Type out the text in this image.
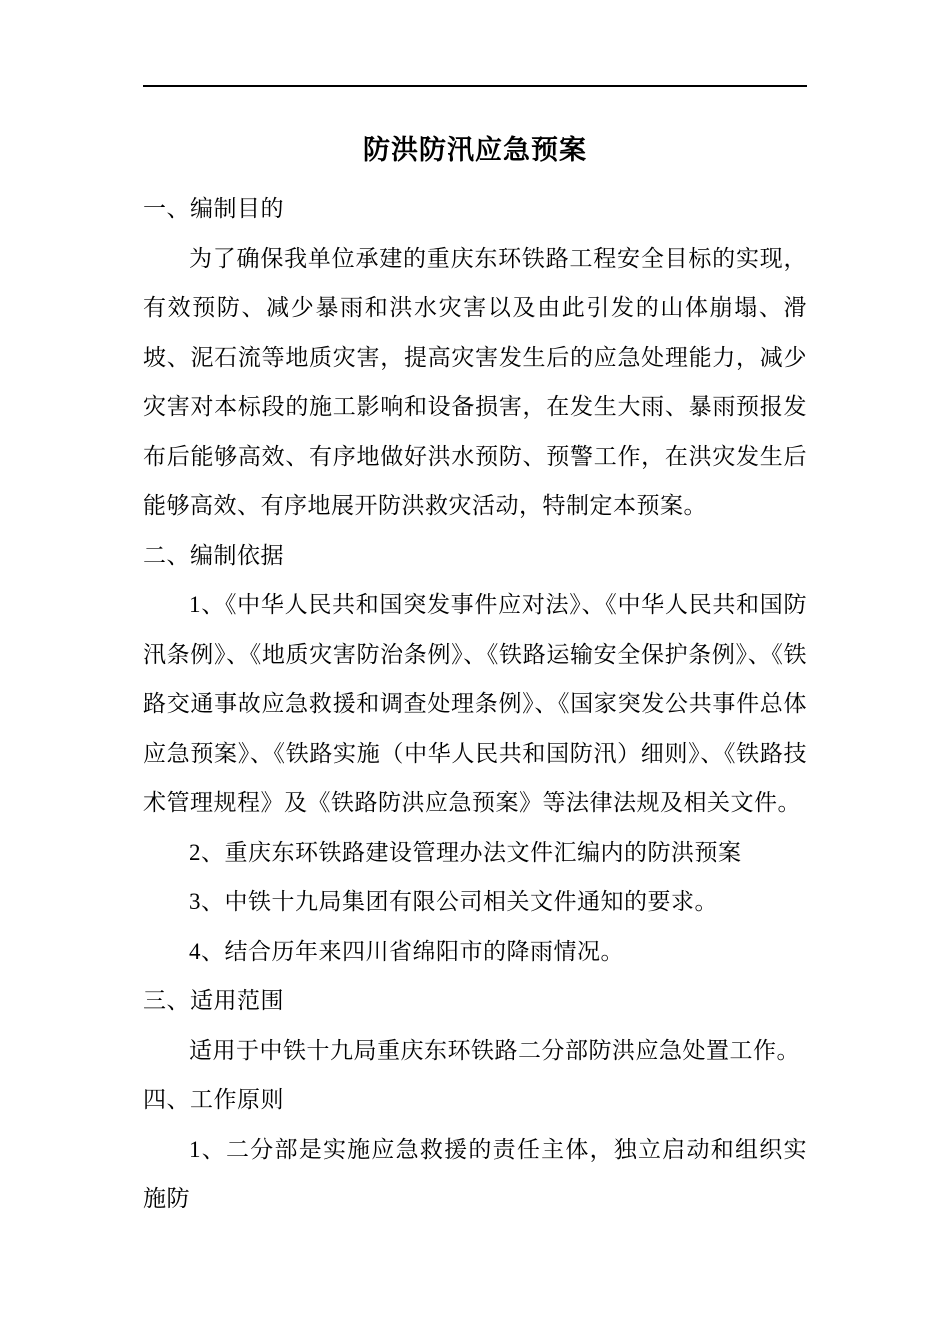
防洪防汛应急预案
一、编制目的

为了确保我单位承建的重庆东环铁路工程安全目标的实现，有效预防、减少暴雨和洪水灾害以及由此引发的山体崩塌、滑坡、泥石流等地质灾害，提高灾害发生后的应急处理能力，减少灾害对本标段的施工影响和设备损害，在发生大雨、暴雨预报发布后能够高效、有序地做好洪水预防、预警工作，在洪灾发生后能够高效、有序地展开防洪救灾活动，特制定本预案。

二、编制依据

1、《中华人民共和国突发事件应对法》、《中华人民共和国防汛条例》、《地质灾害防治条例》、《铁路运输安全保护条例》、《铁路交通事故应急救援和调查处理条例》、《国家突发公共事件总体应急预案》、《铁路实施（中华人民共和国防汛）细则》、《铁路技术管理规程》及《铁路防洪应急预案》等法律法规及相关文件。

2、重庆东环铁路建设管理办法文件汇编内的防洪预案

3、中铁十九局集团有限公司相关文件通知的要求。

4、结合历年来四川省绵阳市的降雨情况。

三、适用范围

适用于中铁十九局重庆东环铁路二分部防洪应急处置工作。

四、工作原则

1、二分部是实施应急救援的责任主体，独立启动和组织实施防
